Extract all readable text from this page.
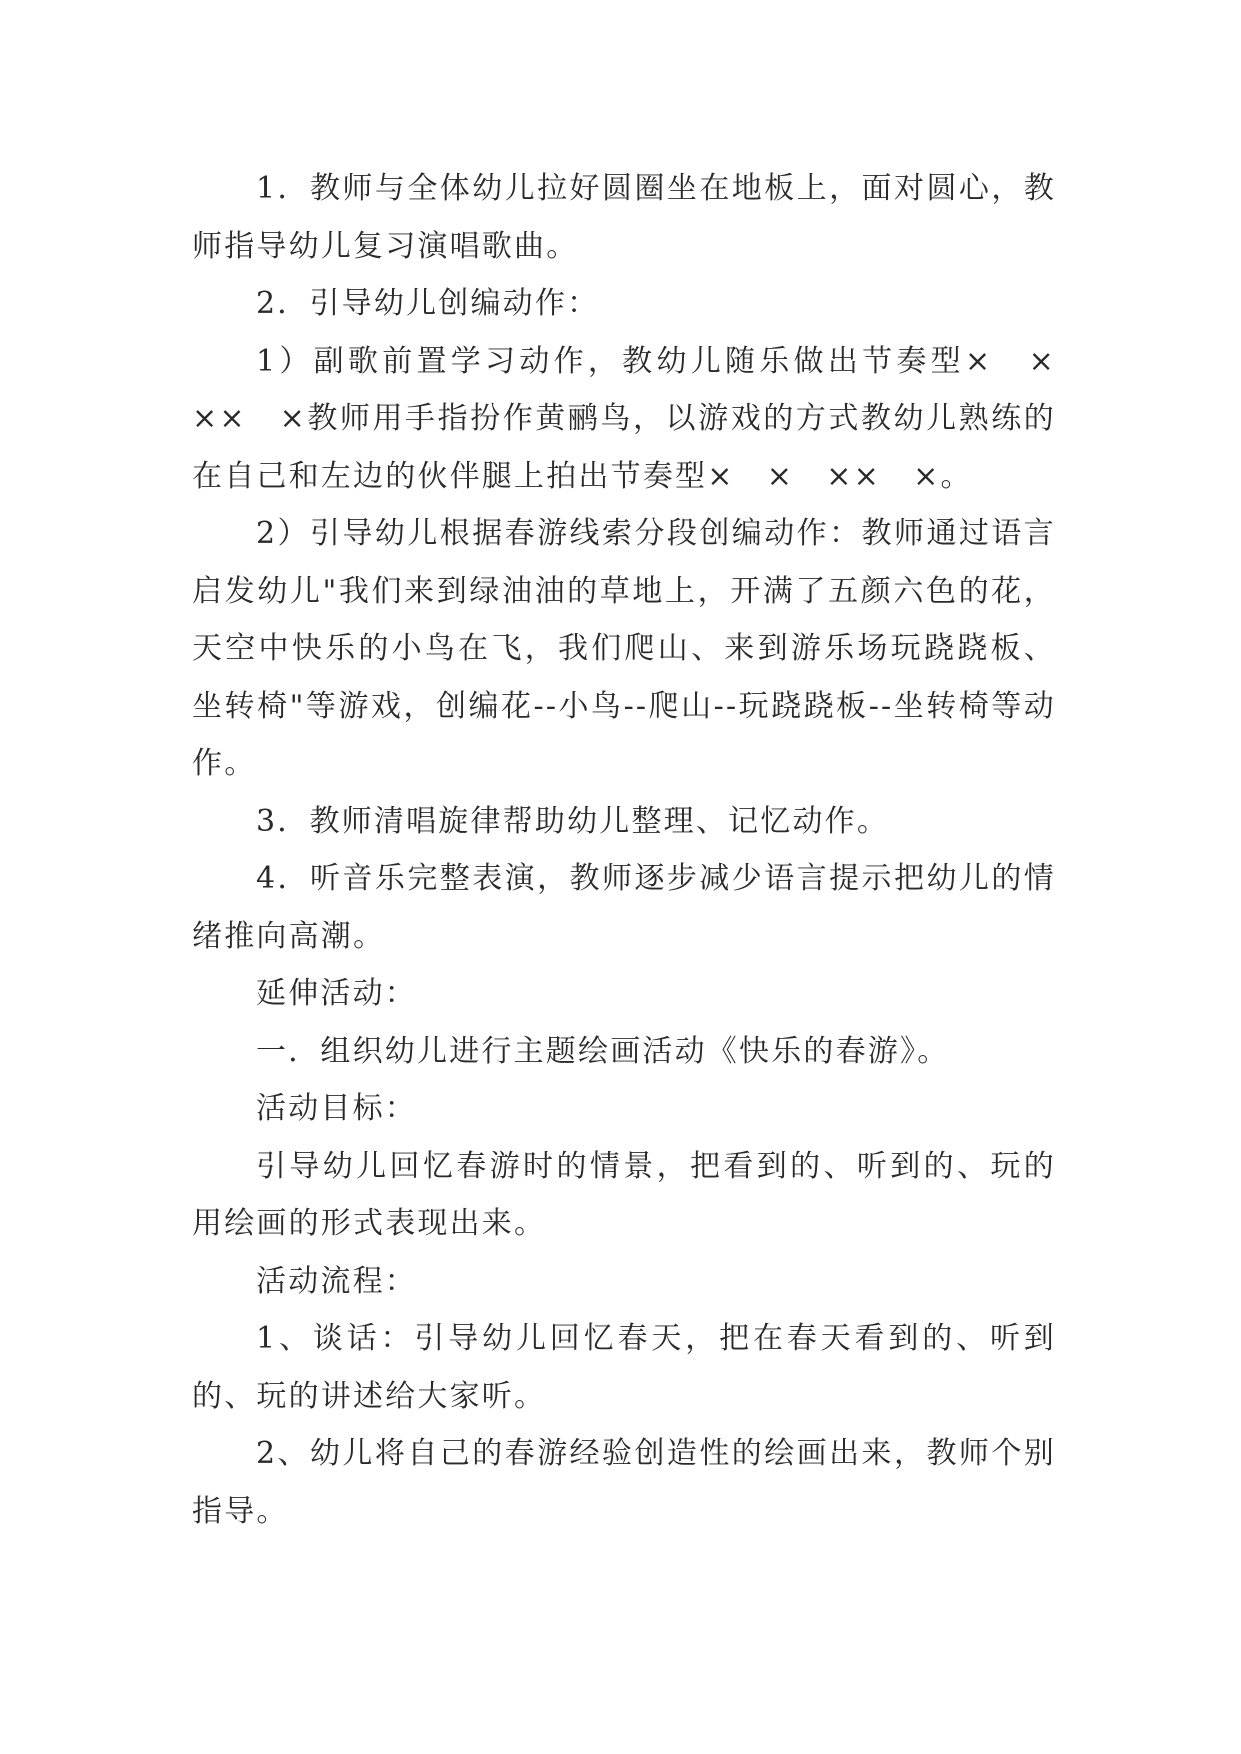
1．教师与全体幼儿拉好圆圈坐在地板上，面对圆心，教师指导幼儿复习演唱歌曲。

2．引导幼儿创编动作：

1）副歌前置学习动作，教幼儿随乐做出节奏型×　×　××　×教师用手指扮作黄鹂鸟，以游戏的方式教幼儿熟练的在自己和左边的伙伴腿上拍出节奏型×　×　××　×。

2）引导幼儿根据春游线索分段创编动作：教师通过语言启发幼儿"我们来到绿油油的草地上，开满了五颜六色的花，天空中快乐的小鸟在飞，我们爬山、来到游乐场玩跷跷板、坐转椅"等游戏，创编花--小鸟--爬山--玩跷跷板--坐转椅等动作。

3．教师清唱旋律帮助幼儿整理、记忆动作。

4．听音乐完整表演，教师逐步减少语言提示把幼儿的情绪推向高潮。

延伸活动：

一．组织幼儿进行主题绘画活动《快乐的春游》。

活动目标：

引导幼儿回忆春游时的情景，把看到的、听到的、玩的用绘画的形式表现出来。

活动流程：

1、谈话：引导幼儿回忆春天，把在春天看到的、听到的、玩的讲述给大家听。

2、幼儿将自己的春游经验创造性的绘画出来，教师个别指导。
